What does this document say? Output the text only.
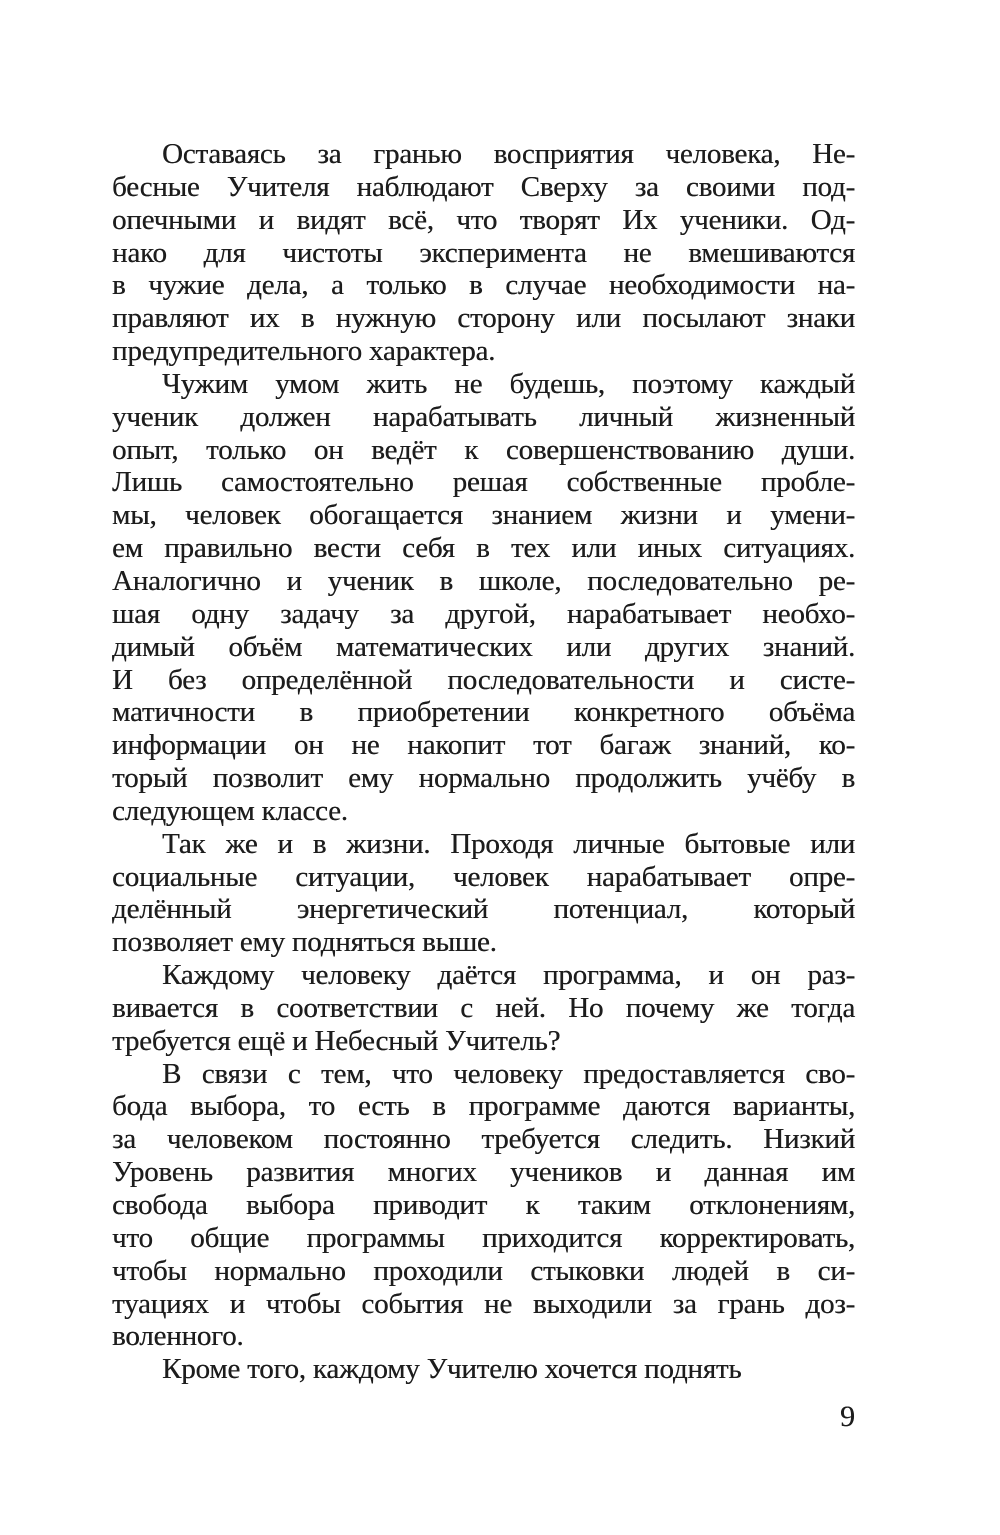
Оставаясь за гранью восприятия человека, Не-
бесные Учителя наблюдают Сверху за своими под-
опечными и видят всё, что творят Их ученики. Од-
нако для чистоты эксперимента не вмешиваются
в чужие дела, а только в случае необходимости на-
правляют их в нужную сторону или посылают знаки
предупредительного характера.
Чужим умом жить не будешь, поэтому каждый
ученик должен нарабатывать личный жизненный
опыт, только он ведёт к совершенствованию души.
Лишь самостоятельно решая собственные пробле-
мы, человек обогащается знанием жизни и умени-
ем правильно вести себя в тех или иных ситуациях.
Аналогично и ученик в школе, последовательно ре-
шая одну задачу за другой, нарабатывает необхо-
димый объём математических или других знаний.
И без определённой последовательности и систе-
матичности в приобретении конкретного объёма
информации он не накопит тот багаж знаний, ко-
торый позволит ему нормально продолжить учёбу в
следующем классе.
Так же и в жизни. Проходя личные бытовые или
социальные ситуации, человек нарабатывает опре-
делённый энергетический потенциал, который
позволяет ему подняться выше.
Каждому человеку даётся программа, и он раз-
вивается в соответствии с ней. Но почему же тогда
требуется ещё и Небесный Учитель?
В связи с тем, что человеку предоставляется сво-
бода выбора, то есть в программе даются варианты,
за человеком постоянно требуется следить. Низкий
Уровень развития многих учеников и данная им
свобода выбора приводит к таким отклонениям,
что общие программы приходится корректировать,
чтобы нормально проходили стыковки людей в си-
туациях и чтобы события не выходили за грань доз-
воленного.
Кроме того, каждому Учителю хочется поднять
9
